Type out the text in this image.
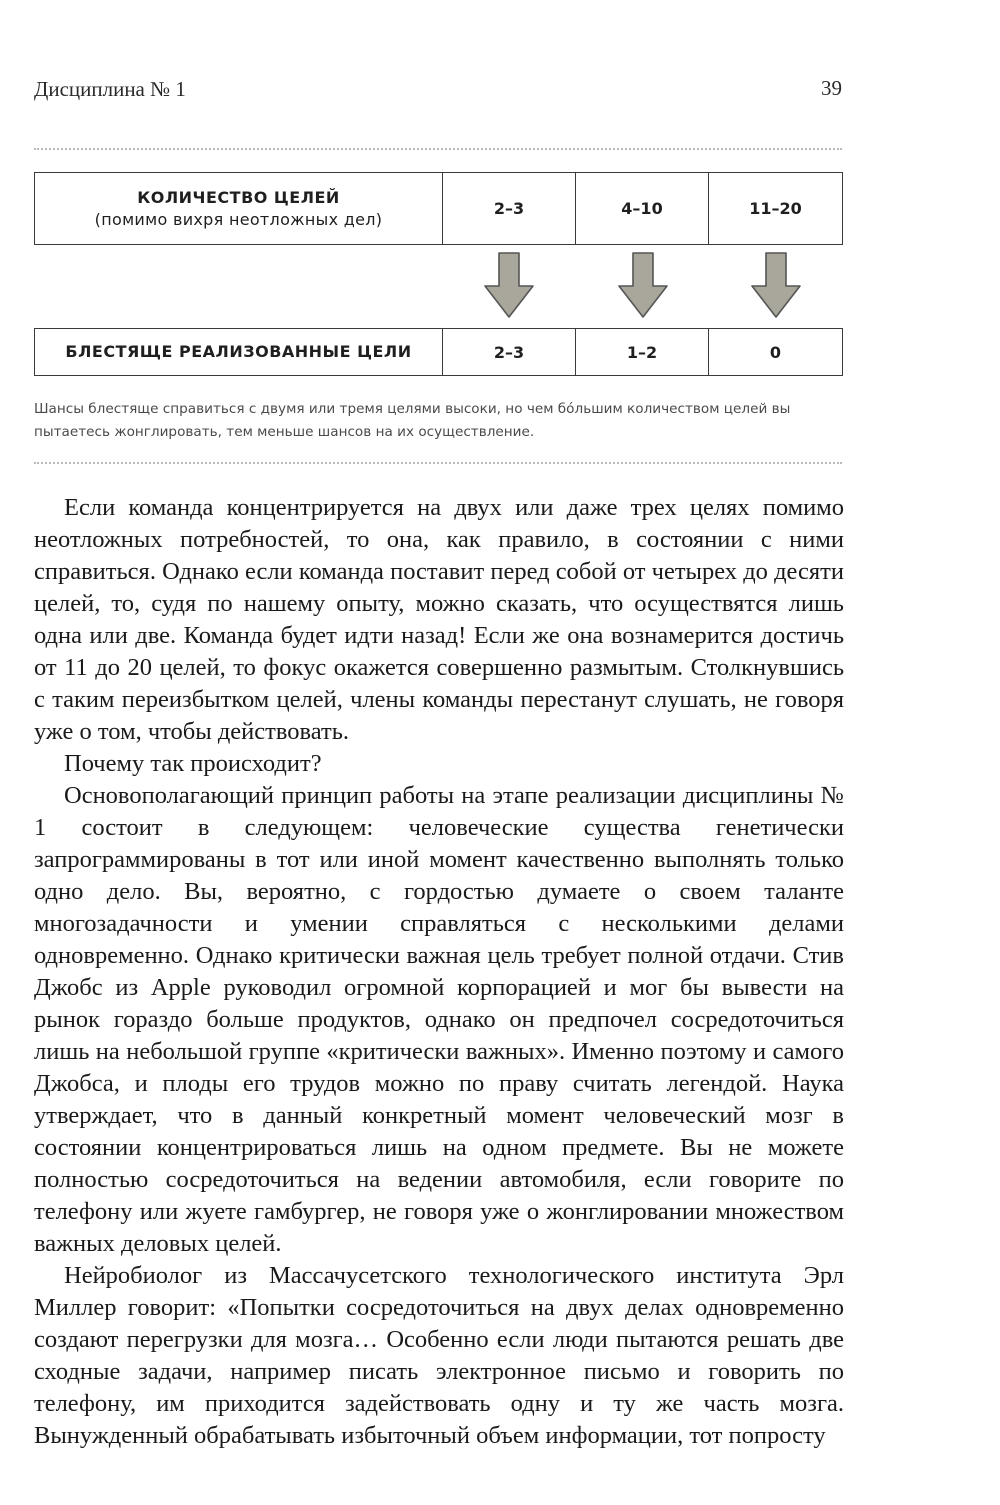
Дисциплина № 1	39
КОЛИЧЕСТВО ЦЕЛЕЙ
(помимо вихря неотложных дел)
	2–3	4–10	11–20
БЛЕСТЯЩЕ РЕАЛИЗОВАННЫЕ ЦЕЛИ	2–3	1–2	0
Шансы блестяще справиться с двумя или тремя целями высоки, но чем бóльшим количеством целей вы пытаетесь жонглировать, тем меньше шансов на их осуществление.

Если команда концентрируется на двух или даже трех целях помимо неотложных потребностей, то она, как правило, в состоянии с ними справиться. Однако если команда поставит перед собой от четырех до десяти целей, то, судя по нашему опыту, можно сказать, что осуществятся лишь одна или две. Команда будет идти назад! Если же она вознамерится достичь от 11 до 20 целей, то фокус окажется совершенно размытым. Столкнувшись с таким переизбытком целей, члены команды перестанут слушать, не говоря уже о том, чтобы действовать.

Почему так происходит?

Основополагающий принцип работы на этапе реализации дисциплины № 1 состоит в следующем: человеческие существа генетически запрограммированы в тот или иной момент качественно выполнять только одно дело. Вы, вероятно, с гордостью думаете о своем таланте многозадачности и умении справляться с несколькими делами одновременно. Однако критически важная цель требует полной отдачи. Стив Джобс из Apple руководил огромной корпорацией и мог бы вывести на рынок гораздо больше продуктов, однако он предпочел сосредоточиться лишь на небольшой группе «критически важных». Именно поэтому и самого Джобса, и плоды его трудов можно по праву считать легендой. Наука утверждает, что в данный конкретный момент человеческий мозг в состоянии концентрироваться лишь на одном предмете. Вы не можете полностью сосредоточиться на ведении автомобиля, если говорите по телефону или жуете гамбургер, не говоря уже о жонглировании множеством важных деловых целей.

Нейробиолог из Массачусетского технологического института Эрл Миллер говорит: «Попытки сосредоточиться на двух делах одновременно создают перегрузки для мозга… Особенно если люди пытаются решать две сходные задачи, например писать электронное письмо и говорить по телефону, им приходится задействовать одну и ту же часть мозга. Вынужденный обрабатывать избыточный объем информации, тот попросту
